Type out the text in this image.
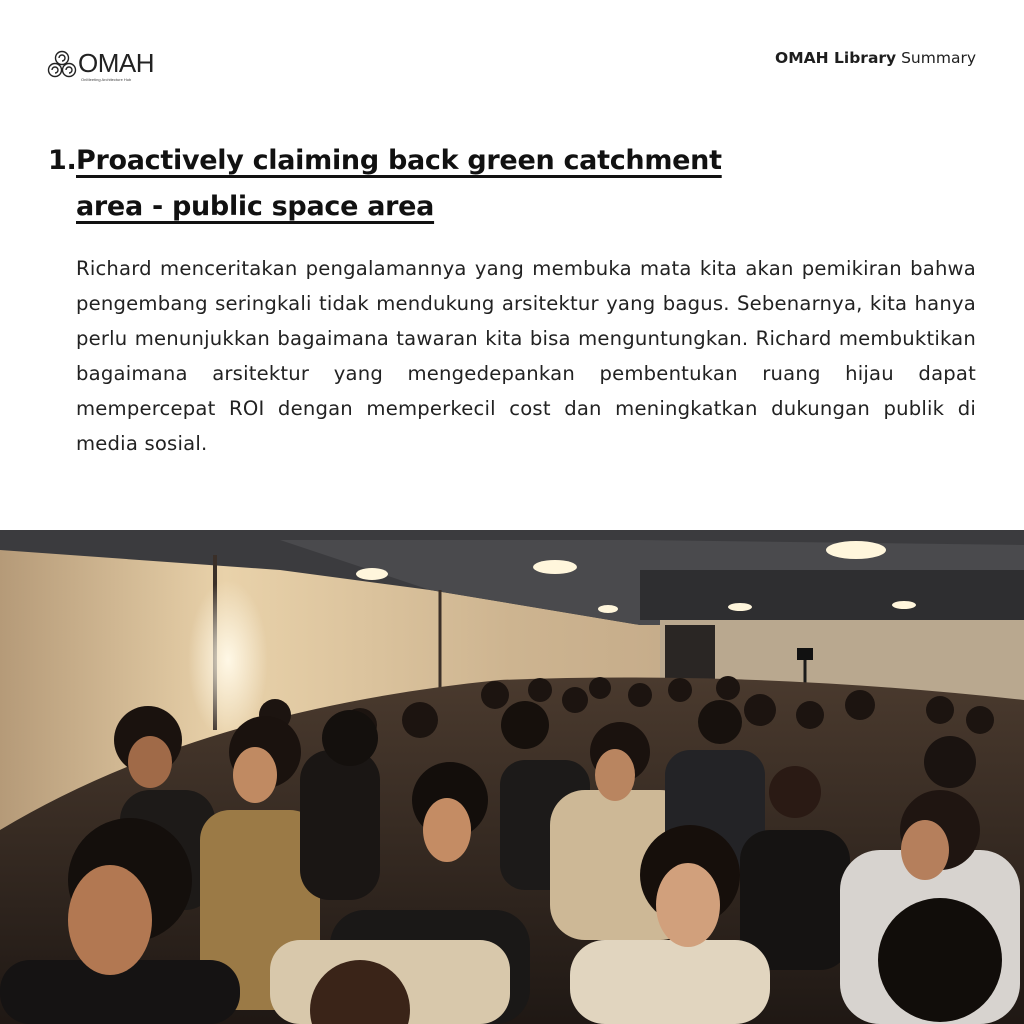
OMAH
OnMeeting Architecture Hub
OMAH Library Summary
1. Proactively claiming back green catchment
area - public space area

Richard menceritakan pengalamannya yang membuka mata kita akan pemikiran bahwa pengembang seringkali tidak mendukung arsitektur yang bagus. Sebenarnya, kita hanya perlu menunjukkan bagaimana tawaran kita bisa menguntungkan. Richard membuktikan bagaimana arsitektur yang mengedepankan pembentukan ruang hijau dapat mempercepat ROI dengan memperkecil cost dan meningkatkan dukungan publik di media sosial.
